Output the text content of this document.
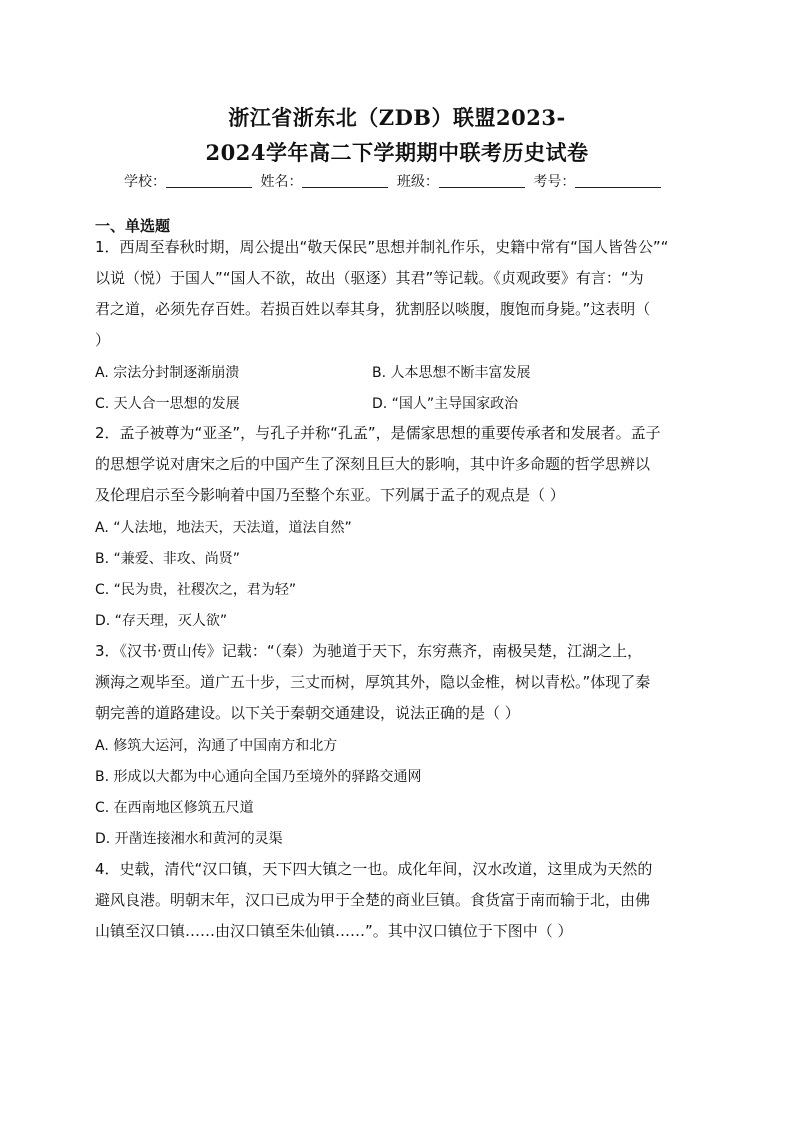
浙江省浙东北（ZDB）联盟2023-
2024学年高二下学期期中联考历史试卷
学校：	姓名：	班级：	考号：
一、单选题
1．西周至春秋时期，周公提出“敬天保民”思想并制礼作乐，史籍中常有“国人皆咎公”“
以说（悦）于国人”“国人不欲，故出（驱逐）其君”等记载。《贞观政要》有言：“为
君之道，必须先存百姓。若损百姓以奉其身，犹割胫以啖腹，腹饱而身毙。”这表明（
）
A. 宗法分封制逐渐崩溃	B. 人本思想不断丰富发展
C. 天人合一思想的发展	D. “国人”主导国家政治
2．孟子被尊为“亚圣”，与孔子并称“孔孟”，是儒家思想的重要传承者和发展者。孟子
的思想学说对唐宋之后的中国产生了深刻且巨大的影响，其中许多命题的哲学思辨以
及伦理启示至今影响着中国乃至整个东亚。下列属于孟子的观点是（ ）
A. “人法地，地法天，天法道，道法自然”
B. “兼爱、非攻、尚贤”
C. “民为贵，社稷次之，君为轻”
D. “存天理，灭人欲”
3．《汉书·贾山传》记载：“（秦）为驰道于天下，东穷燕齐，南极吴楚，江湖之上，
濒海之观毕至。道广五十步，三丈而树，厚筑其外，隐以金椎，树以青松。”体现了秦
朝完善的道路建设。以下关于秦朝交通建设，说法正确的是（ ）
A. 修筑大运河，沟通了中国南方和北方
B. 形成以大都为中心通向全国乃至境外的驿路交通网
C. 在西南地区修筑五尺道
D. 开凿连接湘水和黄河的灵渠
4．史载，清代“汉口镇，天下四大镇之一也。成化年间，汉水改道，这里成为天然的
避风良港。明朝末年，汉口已成为甲于全楚的商业巨镇。食货富于南而输于北，由佛
山镇至汉口镇……由汉口镇至朱仙镇……”。其中汉口镇位于下图中（ ）
